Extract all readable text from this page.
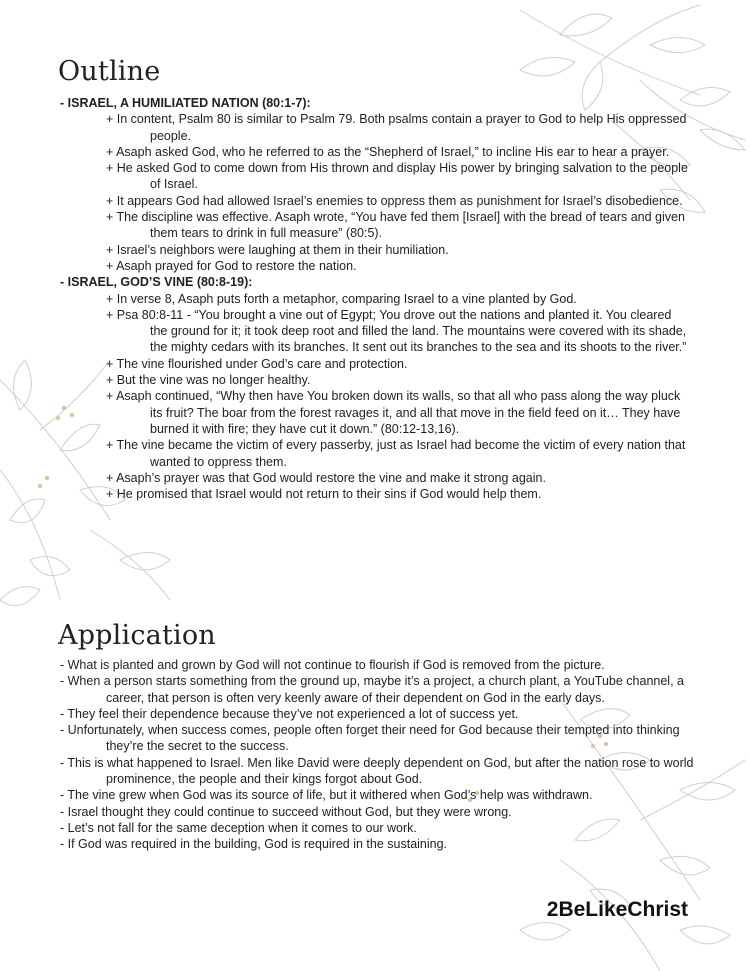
Outline
- ISRAEL, A HUMILIATED NATION (80:1-7):
+ In content, Psalm 80 is similar to Psalm 79. Both psalms contain a prayer to God to help His oppressed people.
+ Asaph asked God, who he referred to as the “Shepherd of Israel,” to incline His ear to hear a prayer.
+ He asked God to come down from His thrown and display His power by bringing salvation to the people of Israel.
+ It appears God had allowed Israel’s enemies to oppress them as punishment for Israel’s disobedience.
+ The discipline was effective. Asaph wrote, “You have fed them [Israel] with the bread of tears and given them tears to drink in full measure” (80:5).
+ Israel’s neighbors were laughing at them in their humiliation.
+ Asaph prayed for God to restore the nation.
- ISRAEL, GOD’S VINE (80:8-19):
+ In verse 8, Asaph puts forth a metaphor, comparing Israel to a vine planted by God.
+ Psa 80:8-11 - “You brought a vine out of Egypt; You drove out the nations and planted it. You cleared the ground for it; it took deep root and filled the land. The mountains were covered with its shade, the mighty cedars with its branches. It sent out its branches to the sea and its shoots to the river.”
+ The vine flourished under God’s care and protection.
+ But the vine was no longer healthy.
+ Asaph continued, “Why then have You broken down its walls, so that all who pass along the way pluck its fruit? The boar from the forest ravages it, and all that move in the field feed on it… They have burned it with fire; they have cut it down.” (80:12-13,16).
+ The vine became the victim of every passerby, just as Israel had become the victim of every nation that wanted to oppress them.
+ Asaph’s prayer was that God would restore the vine and make it strong again.
+ He promised that Israel would not return to their sins if God would help them.
Application
- What is planted and grown by God will not continue to flourish if God is removed from the picture.
- When a person starts something from the ground up, maybe it’s a project, a church plant, a YouTube channel, a career, that person is often very keenly aware of their dependent on God in the early days.
- They feel their dependence because they’ve not experienced a lot of success yet.
- Unfortunately, when success comes, people often forget their need for God because their tempted into thinking they’re the secret to the success.
- This is what happened to Israel. Men like David were deeply dependent on God, but after the nation rose to world prominence, the people and their kings forgot about God.
- The vine grew when God was its source of life, but it withered when God’s help was withdrawn.
- Israel thought they could continue to succeed without God, but they were wrong.
- Let’s not fall for the same deception when it comes to our work.
- If God was required in the building, God is required in the sustaining.
2BeLikeChrist
